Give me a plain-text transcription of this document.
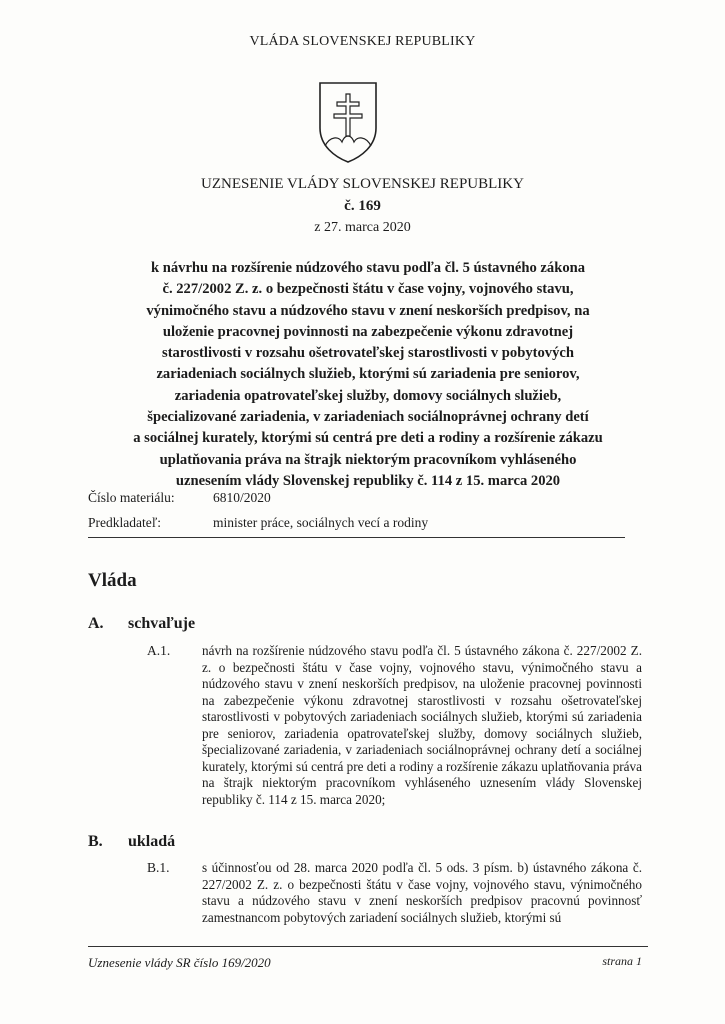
VLÁDA SLOVENSKEJ REPUBLIKY
UZNESENIE VLÁDY SLOVENSKEJ REPUBLIKY
č. 169
z 27. marca 2020
k návrhu na rozšírenie núdzového stavu podľa čl. 5 ústavného zákona
č. 227/2002 Z. z. o bezpečnosti štátu v čase vojny, vojnového stavu,
výnimočného stavu a núdzového stavu v znení neskorších predpisov, na
uloženie pracovnej povinnosti na zabezpečenie výkonu zdravotnej
starostlivosti v rozsahu ošetrovateľskej starostlivosti v pobytových
zariadeniach sociálnych služieb, ktorými sú zariadenia pre seniorov,
zariadenia opatrovateľskej služby, domovy sociálnych služieb,
špecializované zariadenia, v zariadeniach sociálnoprávnej ochrany detí
a sociálnej kurately, ktorými sú centrá pre deti a rodiny a rozšírenie zákazu
uplatňovania práva na štrajk niektorým pracovníkom vyhláseného
uznesením vlády Slovenskej republiky č. 114 z 15. marca 2020
Číslo materiálu:	6810/2020
Predkladateľ:	minister práce, sociálnych vecí a rodiny
Vláda
A. schvaľuje
A.1. návrh na rozšírenie núdzového stavu podľa čl. 5 ústavného zákona č. 227/2002 Z. z. o bezpečnosti štátu v čase vojny, vojnového stavu, výnimočného stavu a núdzového stavu v znení neskorších predpisov, na uloženie pracovnej povinnosti na zabezpečenie výkonu zdravotnej starostlivosti v rozsahu ošetrovateľskej starostlivosti v pobytových zariadeniach sociálnych služieb, ktorými sú zariadenia pre seniorov, zariadenia opatrovateľskej služby, domovy sociálnych služieb, špecializované zariadenia, v zariadeniach sociálnoprávnej ochrany detí a sociálnej kurately, ktorými sú centrá pre deti a rodiny a rozšírenie zákazu uplatňovania práva na štrajk niektorým pracovníkom vyhláseného uznesením vlády Slovenskej republiky č. 114 z 15. marca 2020;
B. ukladá
B.1. s účinnosťou od 28. marca 2020 podľa čl. 5 ods. 3 písm. b) ústavného zákona č. 227/2002 Z. z. o bezpečnosti štátu v čase vojny, vojnového stavu, výnimočného stavu a núdzového stavu v znení neskorších predpisov pracovnú povinnosť zamestnancom pobytových zariadení sociálnych služieb, ktorými sú
Uznesenie vlády SR číslo 169/2020	strana 1
